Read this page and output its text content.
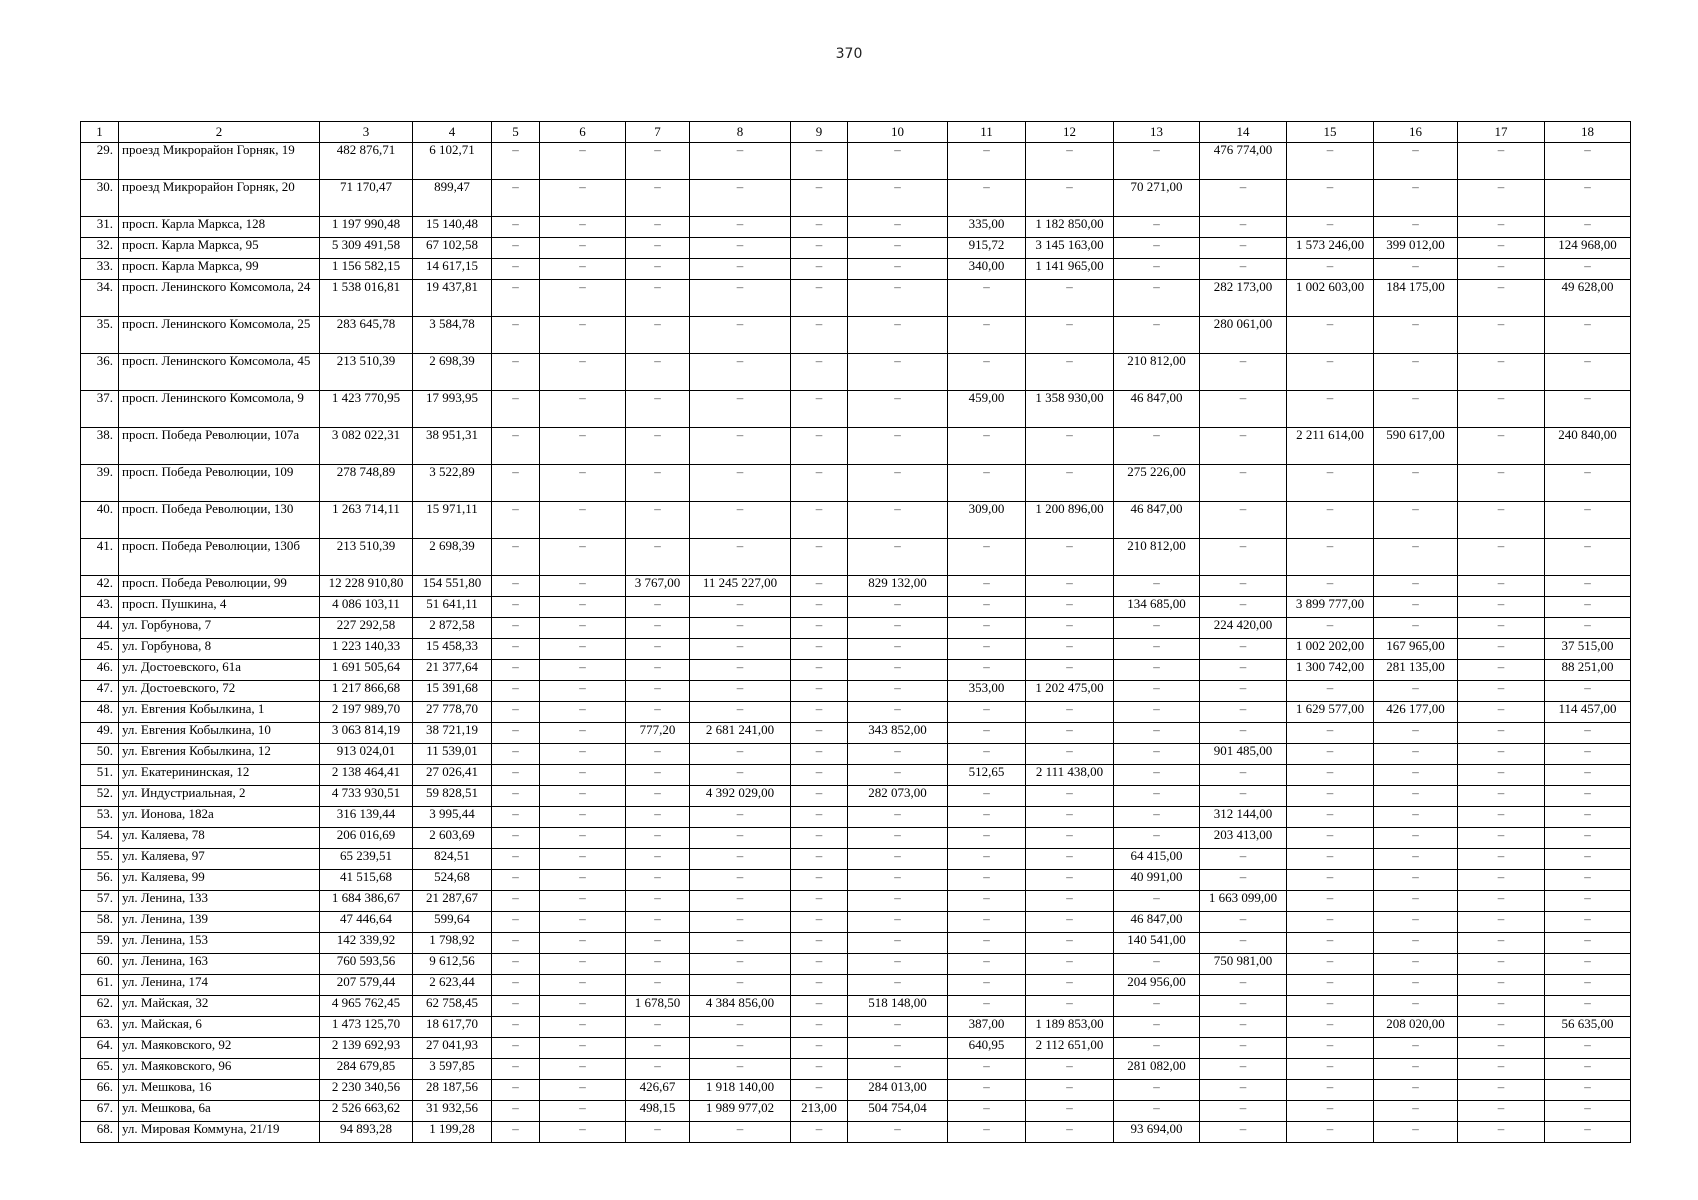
370
1	2	3	4	5	6	7	8	9	10	11	12	13	14	15	16	17	18
29.	проезд Микрорайон Горняк, 19	482 876,71	6 102,71	–	–	–	–	–	–	–	–	–	476 774,00	–	–	–	–
30.	проезд Микрорайон Горняк, 20	71 170,47	899,47	–	–	–	–	–	–	–	–	70 271,00	–	–	–	–	–
31.	просп. Карла Маркса, 128	1 197 990,48	15 140,48	–	–	–	–	–	–	335,00	1 182 850,00	–	–	–	–	–	–
32.	просп. Карла Маркса, 95	5 309 491,58	67 102,58	–	–	–	–	–	–	915,72	3 145 163,00	–	–	1 573 246,00	399 012,00	–	124 968,00
33.	просп. Карла Маркса, 99	1 156 582,15	14 617,15	–	–	–	–	–	–	340,00	1 141 965,00	–	–	–	–	–	–
34.	просп. Ленинского Комсомола, 24	1 538 016,81	19 437,81	–	–	–	–	–	–	–	–	–	282 173,00	1 002 603,00	184 175,00	–	49 628,00
35.	просп. Ленинского Комсомола, 25	283 645,78	3 584,78	–	–	–	–	–	–	–	–	–	280 061,00	–	–	–	–
36.	просп. Ленинского Комсомола, 45	213 510,39	2 698,39	–	–	–	–	–	–	–	–	210 812,00	–	–	–	–	–
37.	просп. Ленинского Комсомола, 9	1 423 770,95	17 993,95	–	–	–	–	–	–	459,00	1 358 930,00	46 847,00	–	–	–	–	–
38.	просп. Победа Революции, 107а	3 082 022,31	38 951,31	–	–	–	–	–	–	–	–	–	–	2 211 614,00	590 617,00	–	240 840,00
39.	просп. Победа Революции, 109	278 748,89	3 522,89	–	–	–	–	–	–	–	–	275 226,00	–	–	–	–	–
40.	просп. Победа Революции, 130	1 263 714,11	15 971,11	–	–	–	–	–	–	309,00	1 200 896,00	46 847,00	–	–	–	–	–
41.	просп. Победа Революции, 130б	213 510,39	2 698,39	–	–	–	–	–	–	–	–	210 812,00	–	–	–	–	–
42.	просп. Победа Революции, 99	12 228 910,80	154 551,80	–	–	3 767,00	11 245 227,00	–	829 132,00	–	–	–	–	–	–	–	–
43.	просп. Пушкина, 4	4 086 103,11	51 641,11	–	–	–	–	–	–	–	–	134 685,00	–	3 899 777,00	–	–	–
44.	ул. Горбунова, 7	227 292,58	2 872,58	–	–	–	–	–	–	–	–	–	224 420,00	–	–	–	–
45.	ул. Горбунова, 8	1 223 140,33	15 458,33	–	–	–	–	–	–	–	–	–	–	1 002 202,00	167 965,00	–	37 515,00
46.	ул. Достоевского, 61а	1 691 505,64	21 377,64	–	–	–	–	–	–	–	–	–	–	1 300 742,00	281 135,00	–	88 251,00
47.	ул. Достоевского, 72	1 217 866,68	15 391,68	–	–	–	–	–	–	353,00	1 202 475,00	–	–	–	–	–	–
48.	ул. Евгения Кобылкина, 1	2 197 989,70	27 778,70	–	–	–	–	–	–	–	–	–	–	1 629 577,00	426 177,00	–	114 457,00
49.	ул. Евгения Кобылкина, 10	3 063 814,19	38 721,19	–	–	777,20	2 681 241,00	–	343 852,00	–	–	–	–	–	–	–	–
50.	ул. Евгения Кобылкина, 12	913 024,01	11 539,01	–	–	–	–	–	–	–	–	–	901 485,00	–	–	–	–
51.	ул. Екатерининская, 12	2 138 464,41	27 026,41	–	–	–	–	–	–	512,65	2 111 438,00	–	–	–	–	–	–
52.	ул. Индустриальная, 2	4 733 930,51	59 828,51	–	–	–	4 392 029,00	–	282 073,00	–	–	–	–	–	–	–	–
53.	ул. Ионова, 182а	316 139,44	3 995,44	–	–	–	–	–	–	–	–	–	312 144,00	–	–	–	–
54.	ул. Каляева, 78	206 016,69	2 603,69	–	–	–	–	–	–	–	–	–	203 413,00	–	–	–	–
55.	ул. Каляева, 97	65 239,51	824,51	–	–	–	–	–	–	–	–	64 415,00	–	–	–	–	–
56.	ул. Каляева, 99	41 515,68	524,68	–	–	–	–	–	–	–	–	40 991,00	–	–	–	–	–
57.	ул. Ленина, 133	1 684 386,67	21 287,67	–	–	–	–	–	–	–	–	–	1 663 099,00	–	–	–	–
58.	ул. Ленина, 139	47 446,64	599,64	–	–	–	–	–	–	–	–	46 847,00	–	–	–	–	–
59.	ул. Ленина, 153	142 339,92	1 798,92	–	–	–	–	–	–	–	–	140 541,00	–	–	–	–	–
60.	ул. Ленина, 163	760 593,56	9 612,56	–	–	–	–	–	–	–	–	–	750 981,00	–	–	–	–
61.	ул. Ленина, 174	207 579,44	2 623,44	–	–	–	–	–	–	–	–	204 956,00	–	–	–	–	–
62.	ул. Майская, 32	4 965 762,45	62 758,45	–	–	1 678,50	4 384 856,00	–	518 148,00	–	–	–	–	–	–	–	–
63.	ул. Майская, 6	1 473 125,70	18 617,70	–	–	–	–	–	–	387,00	1 189 853,00	–	–	–	208 020,00	–	56 635,00
64.	ул. Маяковского, 92	2 139 692,93	27 041,93	–	–	–	–	–	–	640,95	2 112 651,00	–	–	–	–	–	–
65.	ул. Маяковского, 96	284 679,85	3 597,85	–	–	–	–	–	–	–	–	281 082,00	–	–	–	–	–
66.	ул. Мешкова, 16	2 230 340,56	28 187,56	–	–	426,67	1 918 140,00	–	284 013,00	–	–	–	–	–	–	–	–
67.	ул. Мешкова, 6а	2 526 663,62	31 932,56	–	–	498,15	1 989 977,02	213,00	504 754,04	–	–	–	–	–	–	–	–
68.	ул. Мировая Коммуна, 21/19	94 893,28	1 199,28	–	–	–	–	–	–	–	–	93 694,00	–	–	–	–	–
